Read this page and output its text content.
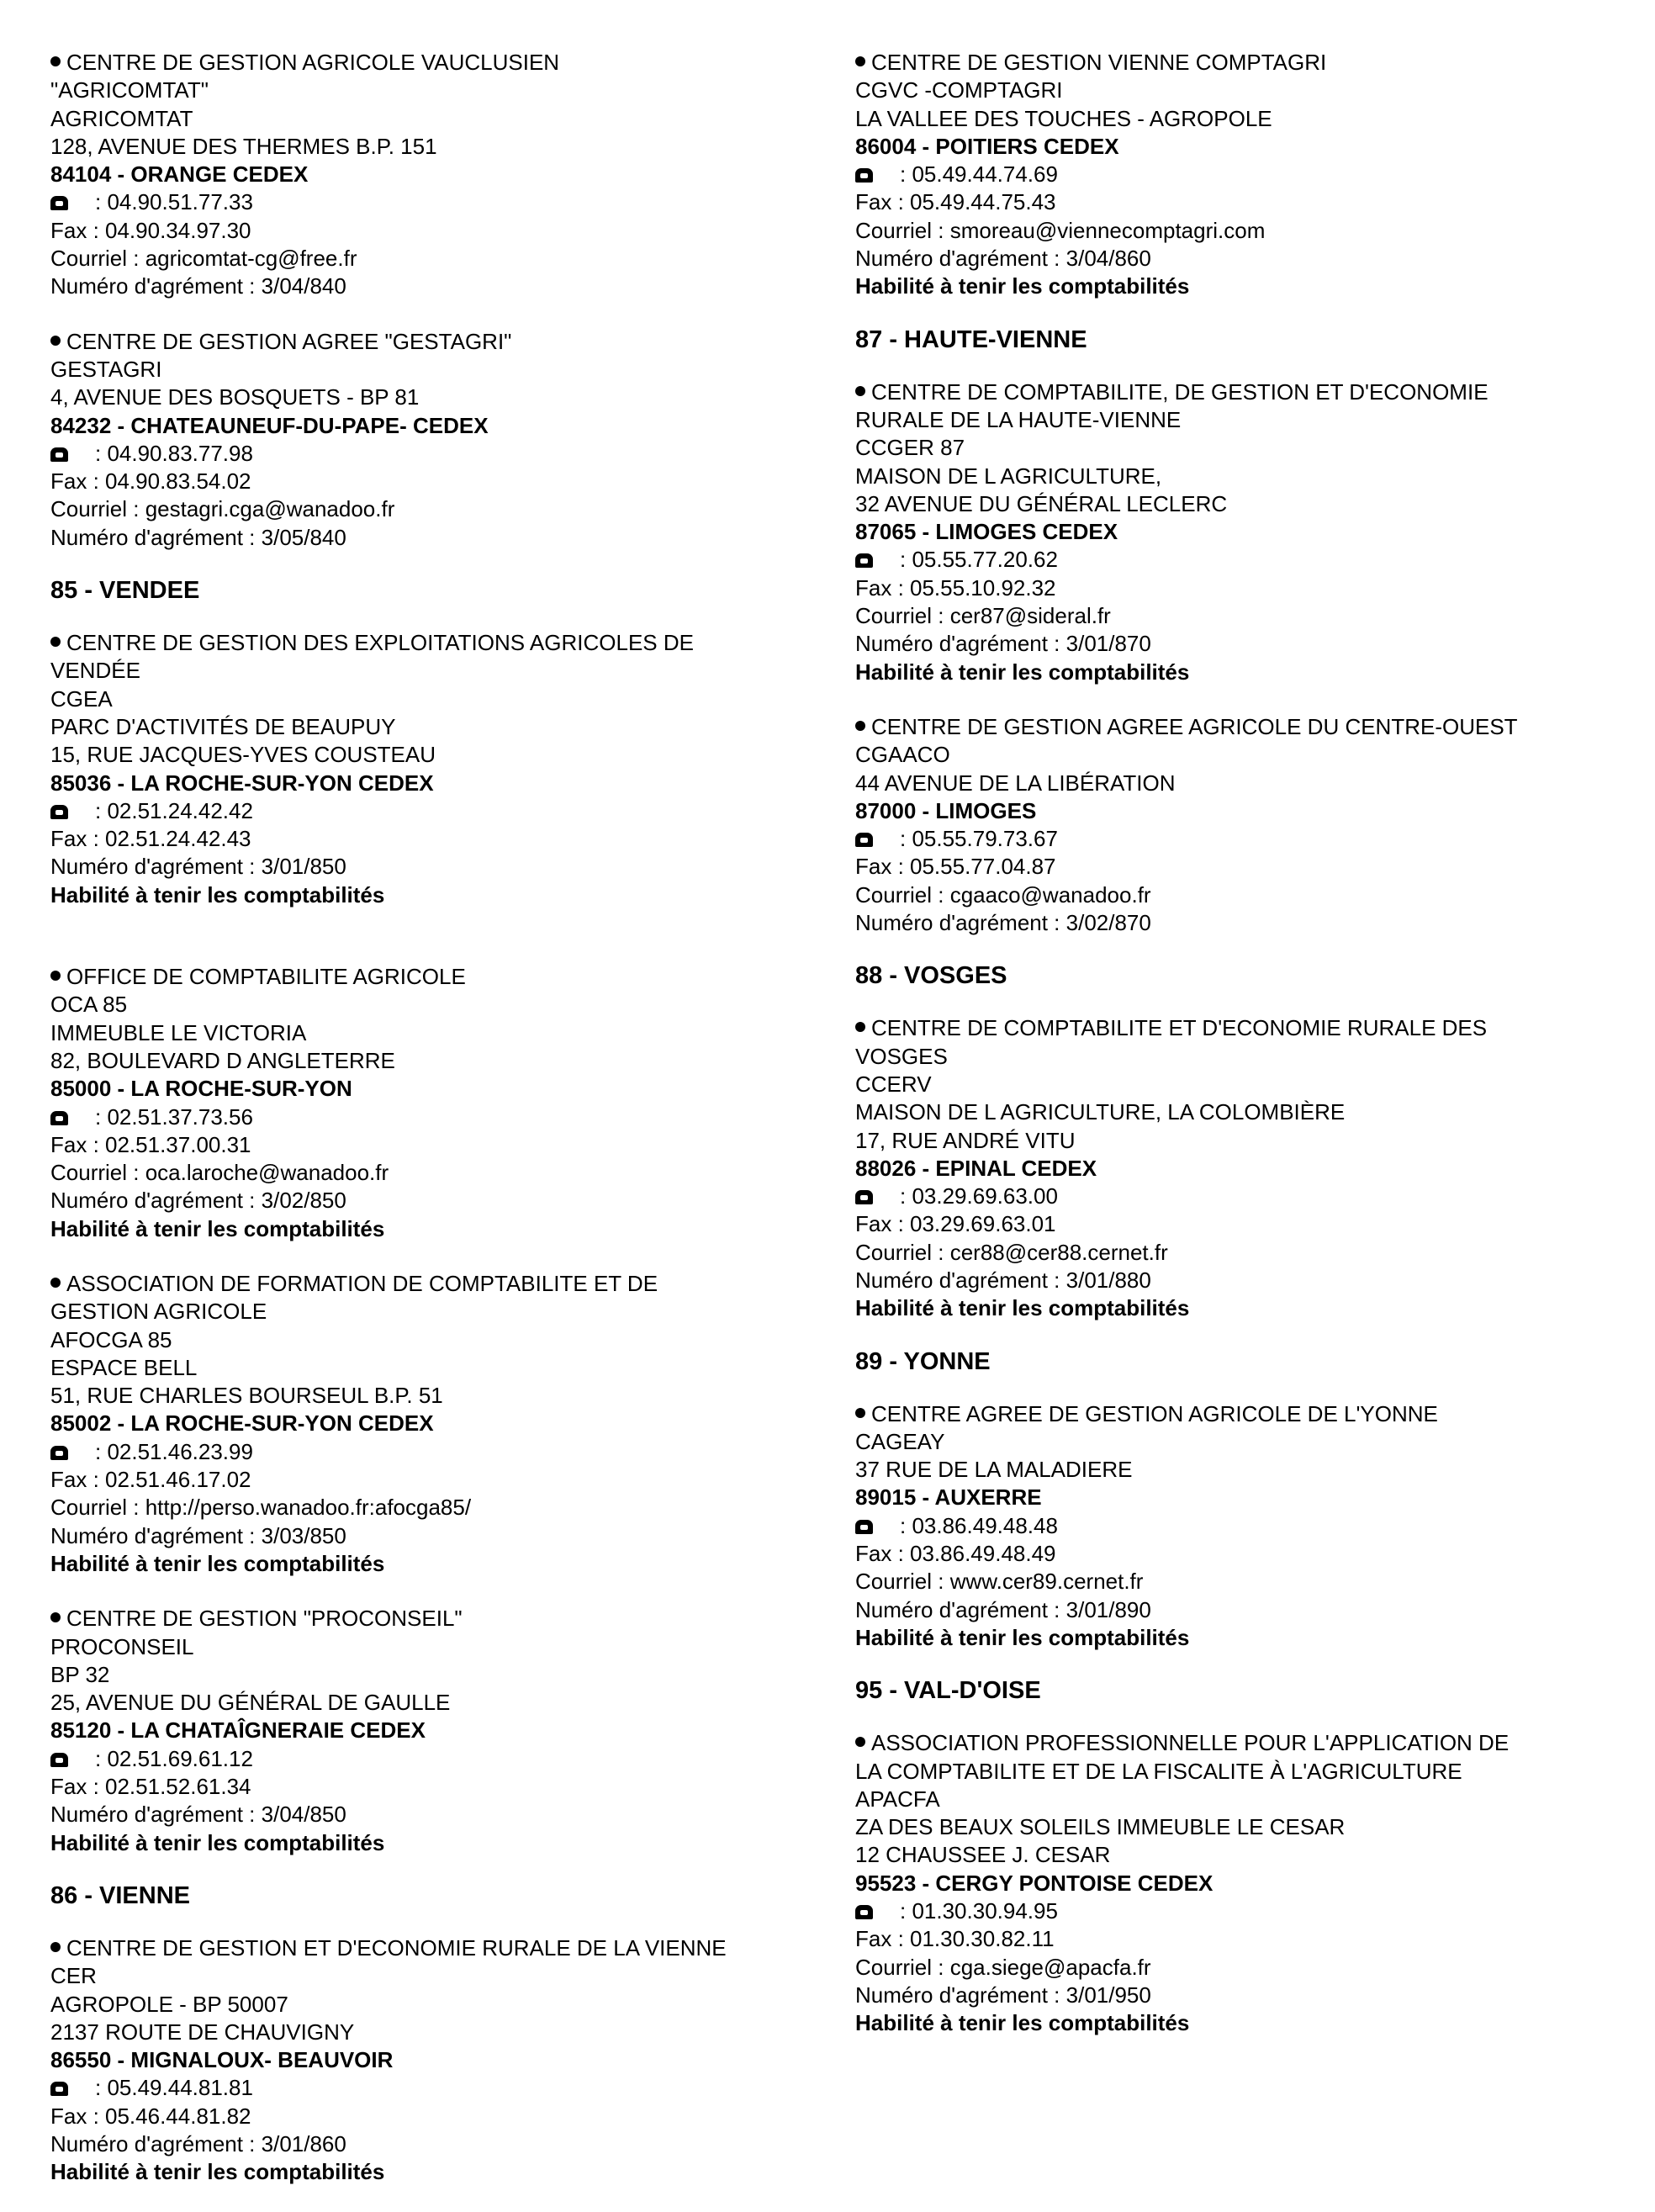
CENTRE DE GESTION AGRICOLE VAUCLUSIEN
"AGRICOMTAT"
AGRICOMTAT
128, AVENUE DES THERMES B.P. 151
84104 - ORANGE CEDEX
: 04.90.51.77.33
Fax : 04.90.34.97.30
Courriel : agricomtat-cg@free.fr
Numéro d'agrément : 3/04/840
CENTRE DE GESTION AGREE "GESTAGRI"
GESTAGRI
4, AVENUE DES BOSQUETS - BP 81
84232 - CHATEAUNEUF-DU-PAPE- CEDEX
: 04.90.83.77.98
Fax : 04.90.83.54.02
Courriel : gestagri.cga@wanadoo.fr
Numéro d'agrément : 3/05/840
85 - VENDEE
CENTRE DE GESTION DES EXPLOITATIONS AGRICOLES DE
VENDÉE
CGEA
PARC D'ACTIVITÉS DE BEAUPUY
15, RUE JACQUES-YVES COUSTEAU
85036 - LA ROCHE-SUR-YON CEDEX
: 02.51.24.42.42
Fax : 02.51.24.42.43
Numéro d'agrément : 3/01/850
Habilité à tenir les comptabilités
OFFICE DE COMPTABILITE AGRICOLE
OCA 85
IMMEUBLE LE VICTORIA
82, BOULEVARD D ANGLETERRE
85000 - LA ROCHE-SUR-YON
: 02.51.37.73.56
Fax : 02.51.37.00.31
Courriel : oca.laroche@wanadoo.fr
Numéro d'agrément : 3/02/850
Habilité à tenir les comptabilités
ASSOCIATION DE FORMATION DE COMPTABILITE ET DE
GESTION AGRICOLE
AFOCGA 85
ESPACE BELL
51, RUE CHARLES BOURSEUL B.P. 51
85002 - LA ROCHE-SUR-YON CEDEX
: 02.51.46.23.99
Fax : 02.51.46.17.02
Courriel : http://perso.wanadoo.fr:afocga85/
Numéro d'agrément : 3/03/850
Habilité à tenir les comptabilités
CENTRE DE GESTION "PROCONSEIL"
PROCONSEIL
BP 32
25, AVENUE DU GÉNÉRAL DE GAULLE
85120 - LA CHATAÎGNERAIE CEDEX
: 02.51.69.61.12
Fax : 02.51.52.61.34
Numéro d'agrément : 3/04/850
Habilité à tenir les comptabilités
86 - VIENNE
CENTRE DE GESTION ET D'ECONOMIE RURALE DE LA VIENNE
CER
AGROPOLE - BP 50007
2137 ROUTE DE CHAUVIGNY
86550 - MIGNALOUX- BEAUVOIR
: 05.49.44.81.81
Fax : 05.46.44.81.82
Numéro d'agrément : 3/01/860
Habilité à tenir les comptabilités
CENTRE DE GESTION VIENNE COMPTAGRI
CGVC -COMPTAGRI
LA VALLEE DES TOUCHES - AGROPOLE
86004 - POITIERS CEDEX
: 05.49.44.74.69
Fax : 05.49.44.75.43
Courriel : smoreau@viennecomptagri.com
Numéro d'agrément : 3/04/860
Habilité à tenir les comptabilités
87 - HAUTE-VIENNE
CENTRE DE COMPTABILITE, DE GESTION ET D'ECONOMIE
RURALE DE LA HAUTE-VIENNE
CCGER 87
MAISON DE L AGRICULTURE,
32 AVENUE DU GÉNÉRAL LECLERC
87065 - LIMOGES CEDEX
: 05.55.77.20.62
Fax : 05.55.10.92.32
Courriel : cer87@sideral.fr
Numéro d'agrément : 3/01/870
Habilité à tenir les comptabilités
CENTRE DE GESTION AGREE AGRICOLE DU CENTRE-OUEST
CGAACO
44 AVENUE DE LA LIBÉRATION
87000 - LIMOGES
: 05.55.79.73.67
Fax : 05.55.77.04.87
Courriel : cgaaco@wanadoo.fr
Numéro d'agrément : 3/02/870
88 - VOSGES
CENTRE DE COMPTABILITE ET D'ECONOMIE RURALE DES
VOSGES
CCERV
MAISON DE L AGRICULTURE, LA COLOMBIÈRE
17, RUE ANDRÉ VITU
88026 - EPINAL CEDEX
: 03.29.69.63.00
Fax : 03.29.69.63.01
Courriel : cer88@cer88.cernet.fr
Numéro d'agrément : 3/01/880
Habilité à tenir les comptabilités
89 - YONNE
CENTRE AGREE DE GESTION AGRICOLE DE L'YONNE
CAGEAY
37 RUE DE LA MALADIERE
89015 - AUXERRE
: 03.86.49.48.48
Fax : 03.86.49.48.49
Courriel : www.cer89.cernet.fr
Numéro d'agrément : 3/01/890
Habilité à tenir les comptabilités
95 - VAL-D'OISE
ASSOCIATION PROFESSIONNELLE POUR L'APPLICATION DE
LA COMPTABILITE ET DE LA FISCALITE À L'AGRICULTURE
APACFA
ZA DES BEAUX SOLEILS IMMEUBLE LE CESAR
12 CHAUSSEE J. CESAR
95523 - CERGY PONTOISE CEDEX
: 01.30.30.94.95
Fax : 01.30.30.82.11
Courriel : cga.siege@apacfa.fr
Numéro d'agrément : 3/01/950
Habilité à tenir les comptabilités
